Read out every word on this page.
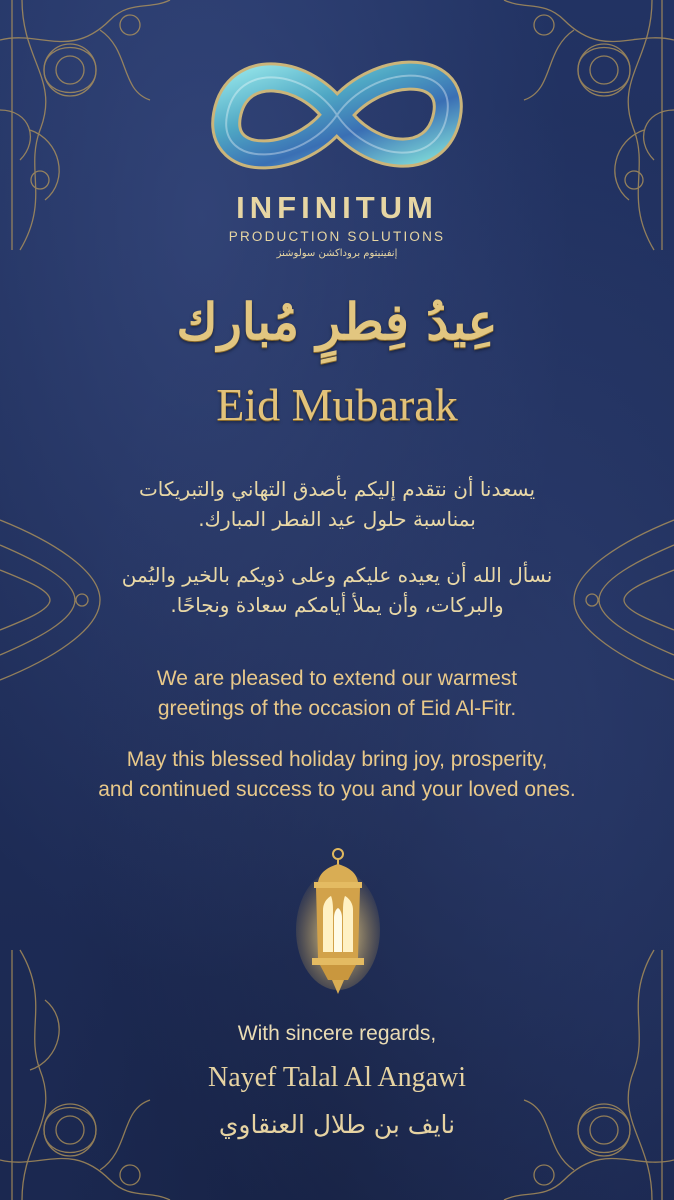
INFINITUM
PRODUCTION SOLUTIONS
إنفينيتوم بروداكشن سولوشنز
عِيدُ فِطرٍ مُبارك
Eid Mubarak
يسعدنا أن نتقدم إليكم بأصدق التهاني والتبريكات
بمناسبة حلول عيد الفطر المبارك.
نسأل الله أن يعيده عليكم وعلى ذويكم بالخير واليُمن
والبركات، وأن يملأ أيامكم سعادة ونجاحًا.
We are pleased to extend our warmest
greetings of the occasion of Eid Al-Fitr.
May this blessed holiday bring joy, prosperity,
and continued success to you and your loved ones.
With sincere regards,
Nayef Talal Al Angawi
نايف بن طلال العنقاوي
